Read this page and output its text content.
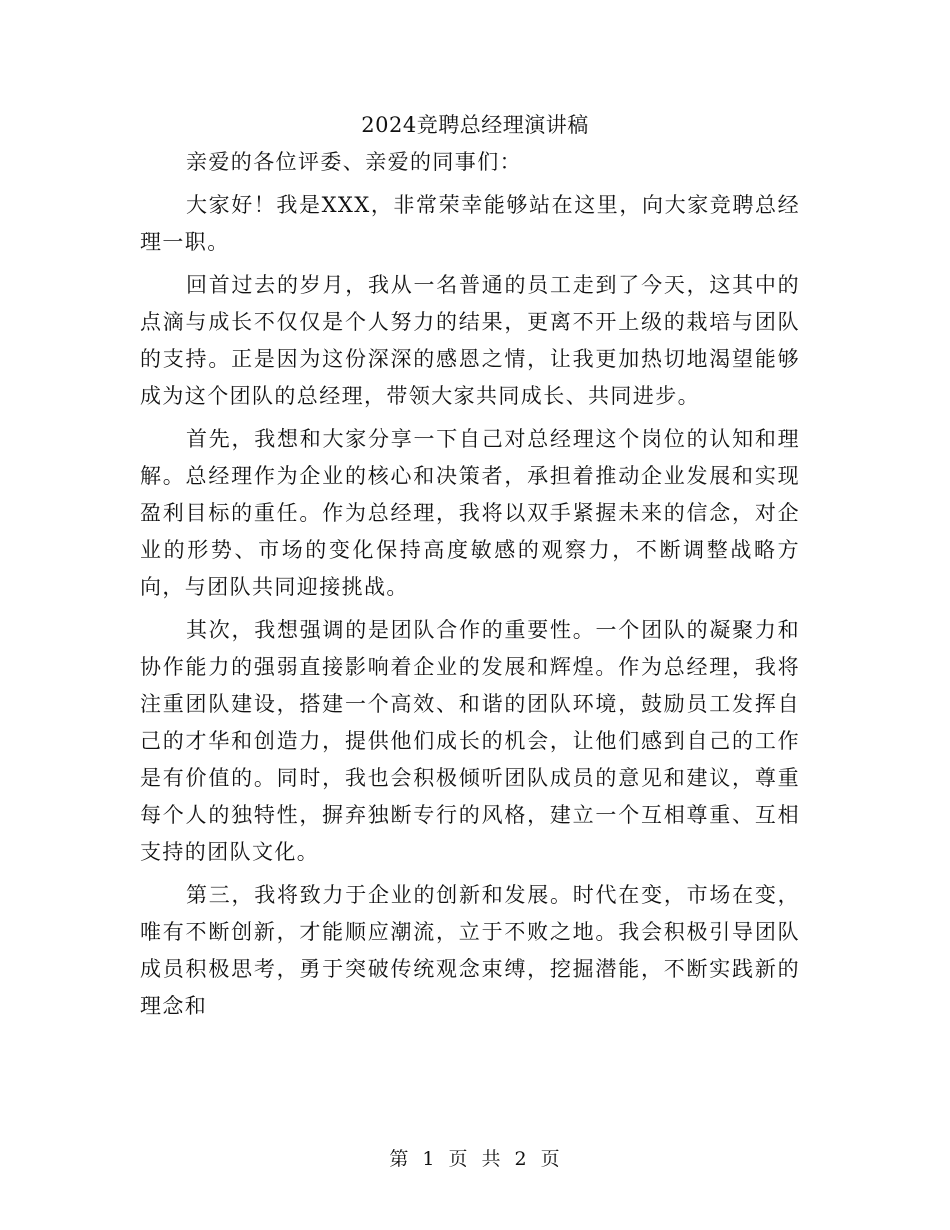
2024竞聘总经理演讲稿

亲爱的各位评委、亲爱的同事们：

大家好！我是XXX，非常荣幸能够站在这里，向大家竞聘总经理一职。

回首过去的岁月，我从一名普通的员工走到了今天，这其中的点滴与成长不仅仅是个人努力的结果，更离不开上级的栽培与团队的支持。正是因为这份深深的感恩之情，让我更加热切地渴望能够成为这个团队的总经理，带领大家共同成长、共同进步。

首先，我想和大家分享一下自己对总经理这个岗位的认知和理解。总经理作为企业的核心和决策者，承担着推动企业发展和实现盈利目标的重任。作为总经理，我将以双手紧握未来的信念，对企业的形势、市场的变化保持高度敏感的观察力，不断调整战略方向，与团队共同迎接挑战。

其次，我想强调的是团队合作的重要性。一个团队的凝聚力和协作能力的强弱直接影响着企业的发展和辉煌。作为总经理，我将注重团队建设，搭建一个高效、和谐的团队环境，鼓励员工发挥自己的才华和创造力，提供他们成长的机会，让他们感到自己的工作是有价值的。同时，我也会积极倾听团队成员的意见和建议，尊重每个人的独特性，摒弃独断专行的风格，建立一个互相尊重、互相支持的团队文化。

第三，我将致力于企业的创新和发展。时代在变，市场在变，唯有不断创新，才能顺应潮流，立于不败之地。我会积极引导团队成员积极思考，勇于突破传统观念束缚，挖掘潜能，不断实践新的理念和

第 1 页 共 2 页
